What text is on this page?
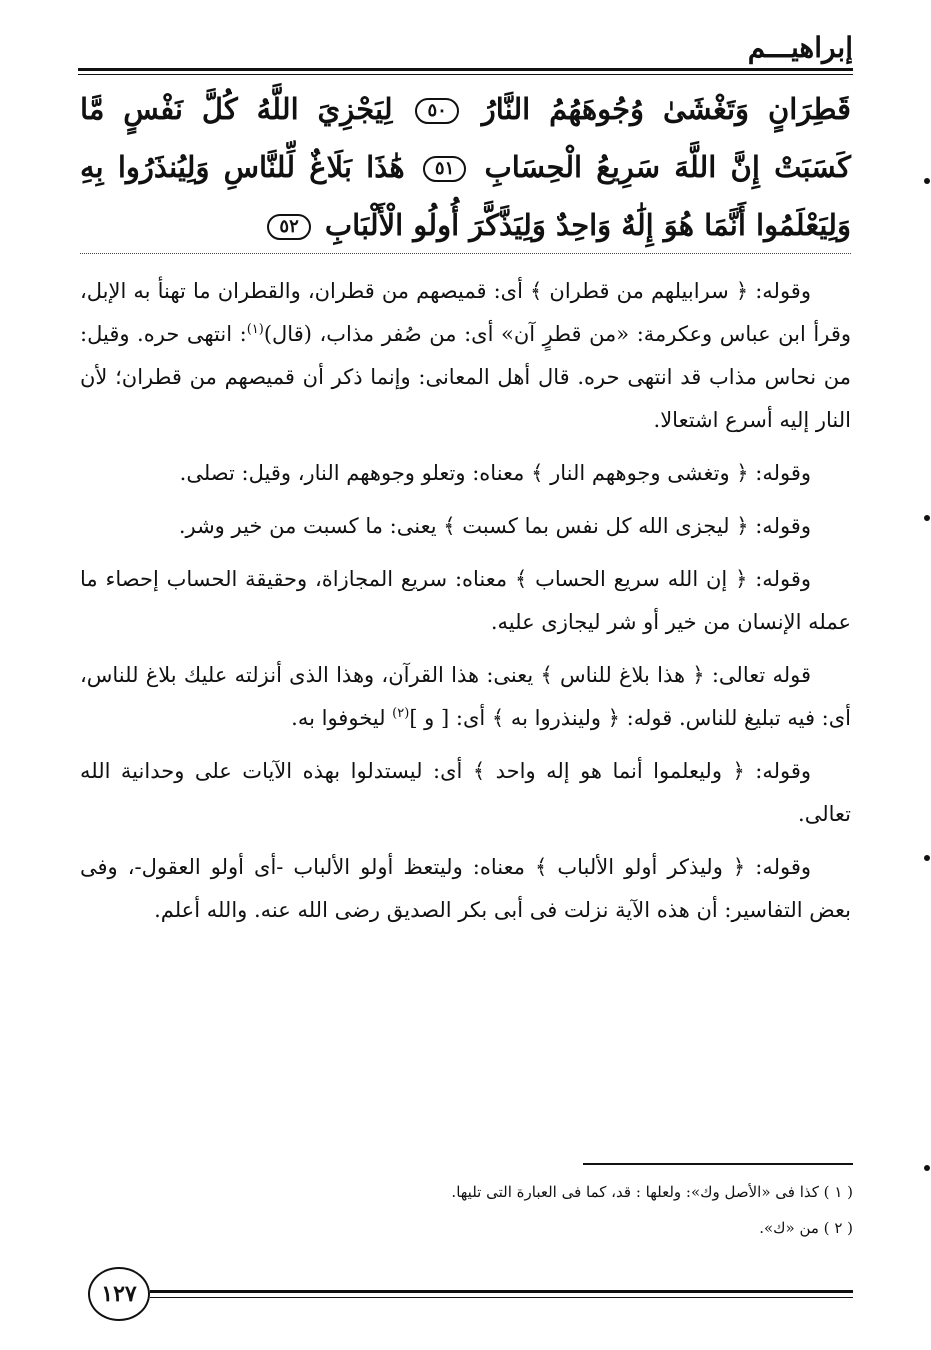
إبراهيـــم

قَطِرَانٍ وَتَغْشَىٰ وُجُوهَهُمُ النَّارُ ٥٠ لِيَجْزِيَ اللَّهُ كُلَّ نَفْسٍ مَّا كَسَبَتْ إِنَّ اللَّهَ سَرِيعُ الْحِسَابِ ٥١ هَٰذَا بَلَاغٌ لِّلنَّاسِ وَلِيُنذَرُوا بِهِ وَلِيَعْلَمُوا أَنَّمَا هُوَ إِلَٰهٌ وَاحِدٌ وَلِيَذَّكَّرَ أُولُو الْأَلْبَابِ ٥٢

وقوله: ﴿ سرابيلهم من قطران ﴾ أى: قميصهم من قطران، والقطران ما تهنأ به الإبل، وقرأ ابن عباس وعكرمة: «من قطرٍ آن» أى: من صُفر مذاب، (قال)$^{(١)}$: انتهى حره. وقيل: من نحاس مذاب قد انتهى حره. قال أهل المعانى: وإنما ذكر أن قميصهم من قطران؛ لأن النار إليه أسرع اشتعالا.

وقوله: ﴿ وتغشى وجوههم النار ﴾ معناه: وتعلو وجوههم النار، وقيل: تصلى.

وقوله: ﴿ ليجزى الله كل نفس بما كسبت ﴾ يعنى: ما كسبت من خير وشر.

وقوله: ﴿ إن الله سريع الحساب ﴾ معناه: سريع المجازاة، وحقيقة الحساب إحصاء ما عمله الإنسان من خير أو شر ليجازى عليه.

قوله تعالى: ﴿ هذا بلاغ للناس ﴾ يعنى: هذا القرآن، وهذا الذى أنزلته عليك بلاغ للناس، أى: فيه تبليغ للناس. قوله: ﴿ ولينذروا به ﴾ أى: [ و ]$^{(٢)}$ ليخوفوا به.

وقوله: ﴿ وليعلموا أنما هو إله واحد ﴾ أى: ليستدلوا بهذه الآيات على وحدانية الله تعالى.

وقوله: ﴿ وليذكر أولو الألباب ﴾ معناه: وليتعظ أولو الألباب -أى أولو العقول-، وفى بعض التفاسير: أن هذه الآية نزلت فى أبى بكر الصديق رضى الله عنه. والله أعلم.

( ١ ) كذا فى «الأصل وك»: ولعلها : قد، كما فى العبارة التى تليها.

( ٢ ) من «ك».

١٢٧
